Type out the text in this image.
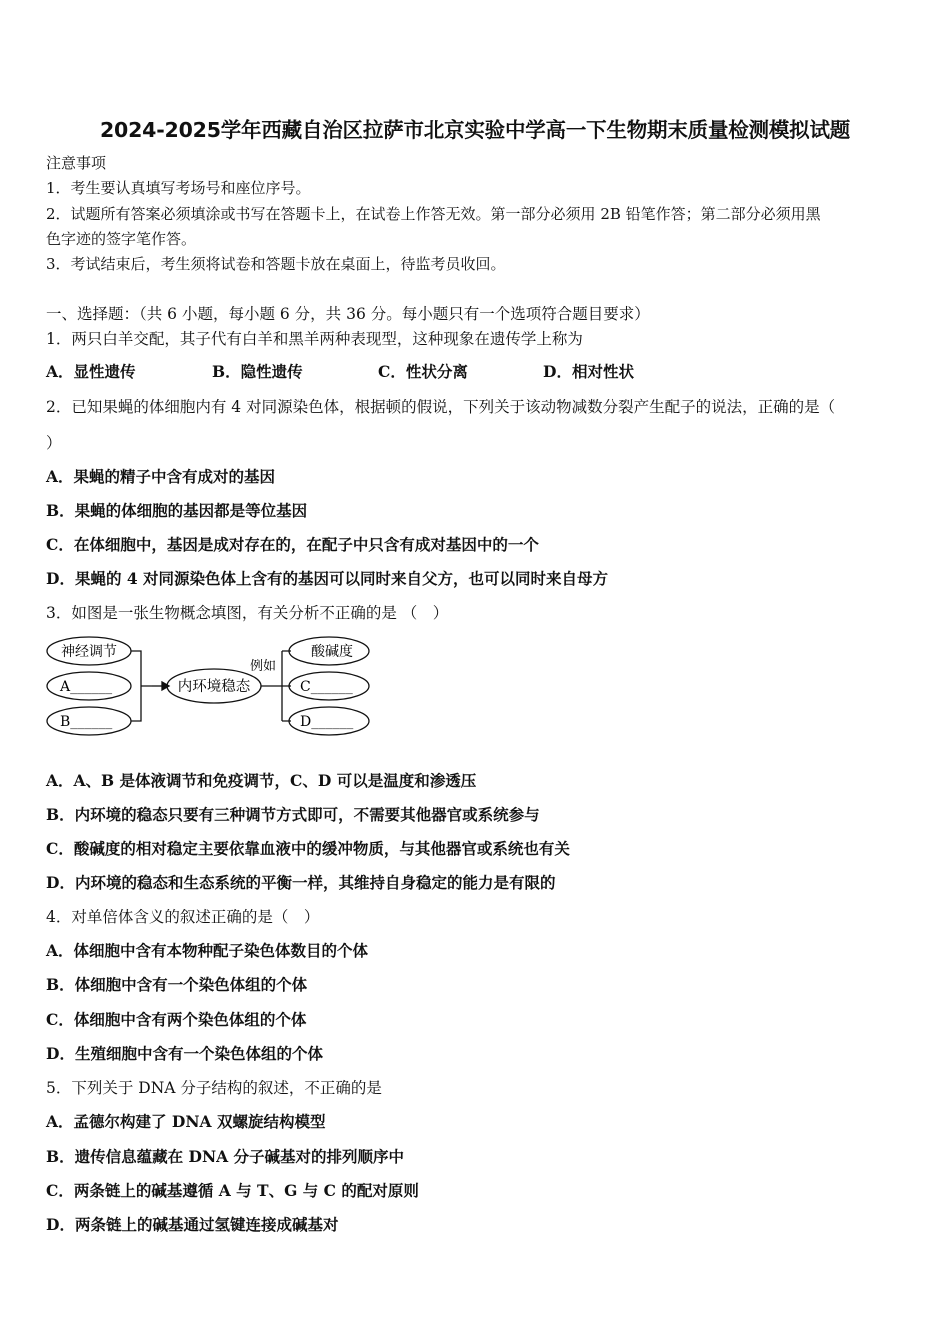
2024-2025学年西藏自治区拉萨市北京实验中学高一下生物期末质量检测模拟试题
注意事项
1．考生要认真填写考场号和座位序号。
2．试题所有答案必须填涂或书写在答题卡上，在试卷上作答无效。第一部分必须用 2B 铅笔作答；第二部分必须用黑
色字迹的签字笔作答。
3．考试结束后，考生须将试卷和答题卡放在桌面上，待监考员收回。
一、选择题：（共 6 小题，每小题 6 分，共 36 分。每小题只有一个选项符合题目要求）
1．两只白羊交配，其子代有白羊和黑羊两种表现型，这种现象在遗传学上称为
A．显性遗传	B．隐性遗传	C．性状分离	D．相对性状
2．已知果蝇的体细胞内有 4 对同源染色体，根据顿的假说，下列关于该动物减数分裂产生配子的说法，正确的是（
）
A．果蝇的精子中含有成对的基因
B．果蝇的体细胞的基因都是等位基因
C．在体细胞中，基因是成对存在的，在配子中只含有成对基因中的一个
D．果蝇的 4 对同源染色体上含有的基因可以同时来自父方，也可以同时来自母方
3．如图是一张生物概念填图，有关分析不正确的是 （　）
神经调节
A______
B______
内环境稳态
例如
酸碱度
C______
D______
A．A、B 是体液调节和免疫调节，C、D 可以是温度和渗透压
B．内环境的稳态只要有三种调节方式即可，不需要其他器官或系统参与
C．酸碱度的相对稳定主要依靠血液中的缓冲物质，与其他器官或系统也有关
D．内环境的稳态和生态系统的平衡一样，其维持自身稳定的能力是有限的
4．对单倍体含义的叙述正确的是（　）
A．体细胞中含有本物种配子染色体数目的个体
B．体细胞中含有一个染色体组的个体
C．体细胞中含有两个染色体组的个体
D．生殖细胞中含有一个染色体组的个体
5．下列关于 DNA 分子结构的叙述，不正确的是
A．孟德尔构建了 DNA 双螺旋结构模型
B．遗传信息蕴藏在 DNA 分子碱基对的排列顺序中
C．两条链上的碱基遵循 A 与 T、G 与 C 的配对原则
D．两条链上的碱基通过氢键连接成碱基对
